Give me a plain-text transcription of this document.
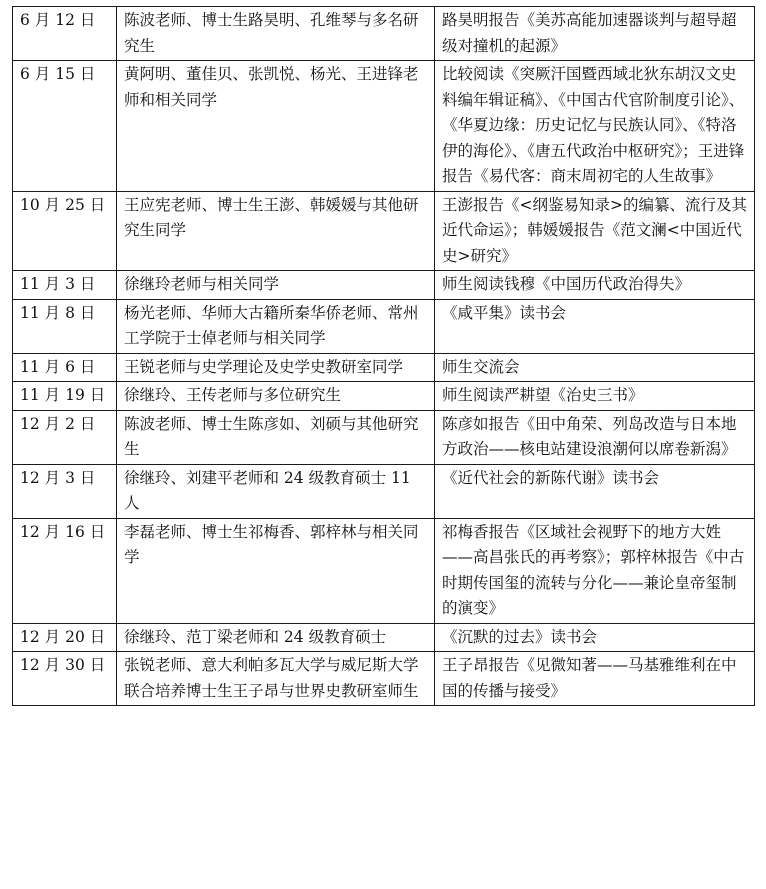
6 月 12 日	陈波老师、博士生路昊明、孔维琴与多名研究生	路昊明报告《美苏高能加速器谈判与超导超级对撞机的起源》
6 月 15 日	黄阿明、董佳贝、张凯悦、杨光、王进锋老师和相关同学	比较阅读《突厥汗国暨西域北狄东胡汉文史料编年辑证稿》、《中国古代官阶制度引论》、《华夏边缘：历史记忆与民族认同》、《特洛伊的海伦》、《唐五代政治中枢研究》；王进锋报告《易代客：商末周初宅的人生故事》
10 月 25 日	王应宪老师、博士生王澎、韩媛媛与其他研究生同学	王澎报告《<纲鉴易知录>的编纂、流行及其近代命运》；韩媛媛报告《范文澜<中国近代史>研究》
11 月 3 日	徐继玲老师与相关同学	师生阅读钱穆《中国历代政治得失》
11 月 8 日	杨光老师、华师大古籍所秦华侨老师、常州工学院于士倬老师与相关同学	《咸平集》读书会
11 月 6 日	王锐老师与史学理论及史学史教研室同学	师生交流会
11 月 19 日	徐继玲、王传老师与多位研究生	师生阅读严耕望《治史三书》
12 月 2 日	陈波老师、博士生陈彦如、刘硕与其他研究生	陈彦如报告《田中角荣、列岛改造与日本地方政治——核电站建设浪潮何以席卷新潟》
12 月 3 日	徐继玲、刘建平老师和 24 级教育硕士 11 人	《近代社会的新陈代谢》读书会
12 月 16 日	李磊老师、博士生祁梅香、郭梓林与相关同学	祁梅香报告《区域社会视野下的地方大姓——高昌张氏的再考察》；郭梓林报告《中古时期传国玺的流转与分化——兼论皇帝玺制的演变》
12 月 20 日	徐继玲、范丁梁老师和 24 级教育硕士	《沉默的过去》读书会
12 月 30 日	张锐老师、意大利帕多瓦大学与威尼斯大学联合培养博士生王子昂与世界史教研室师生	王子昂报告《见微知著——马基雅维利在中国的传播与接受》
